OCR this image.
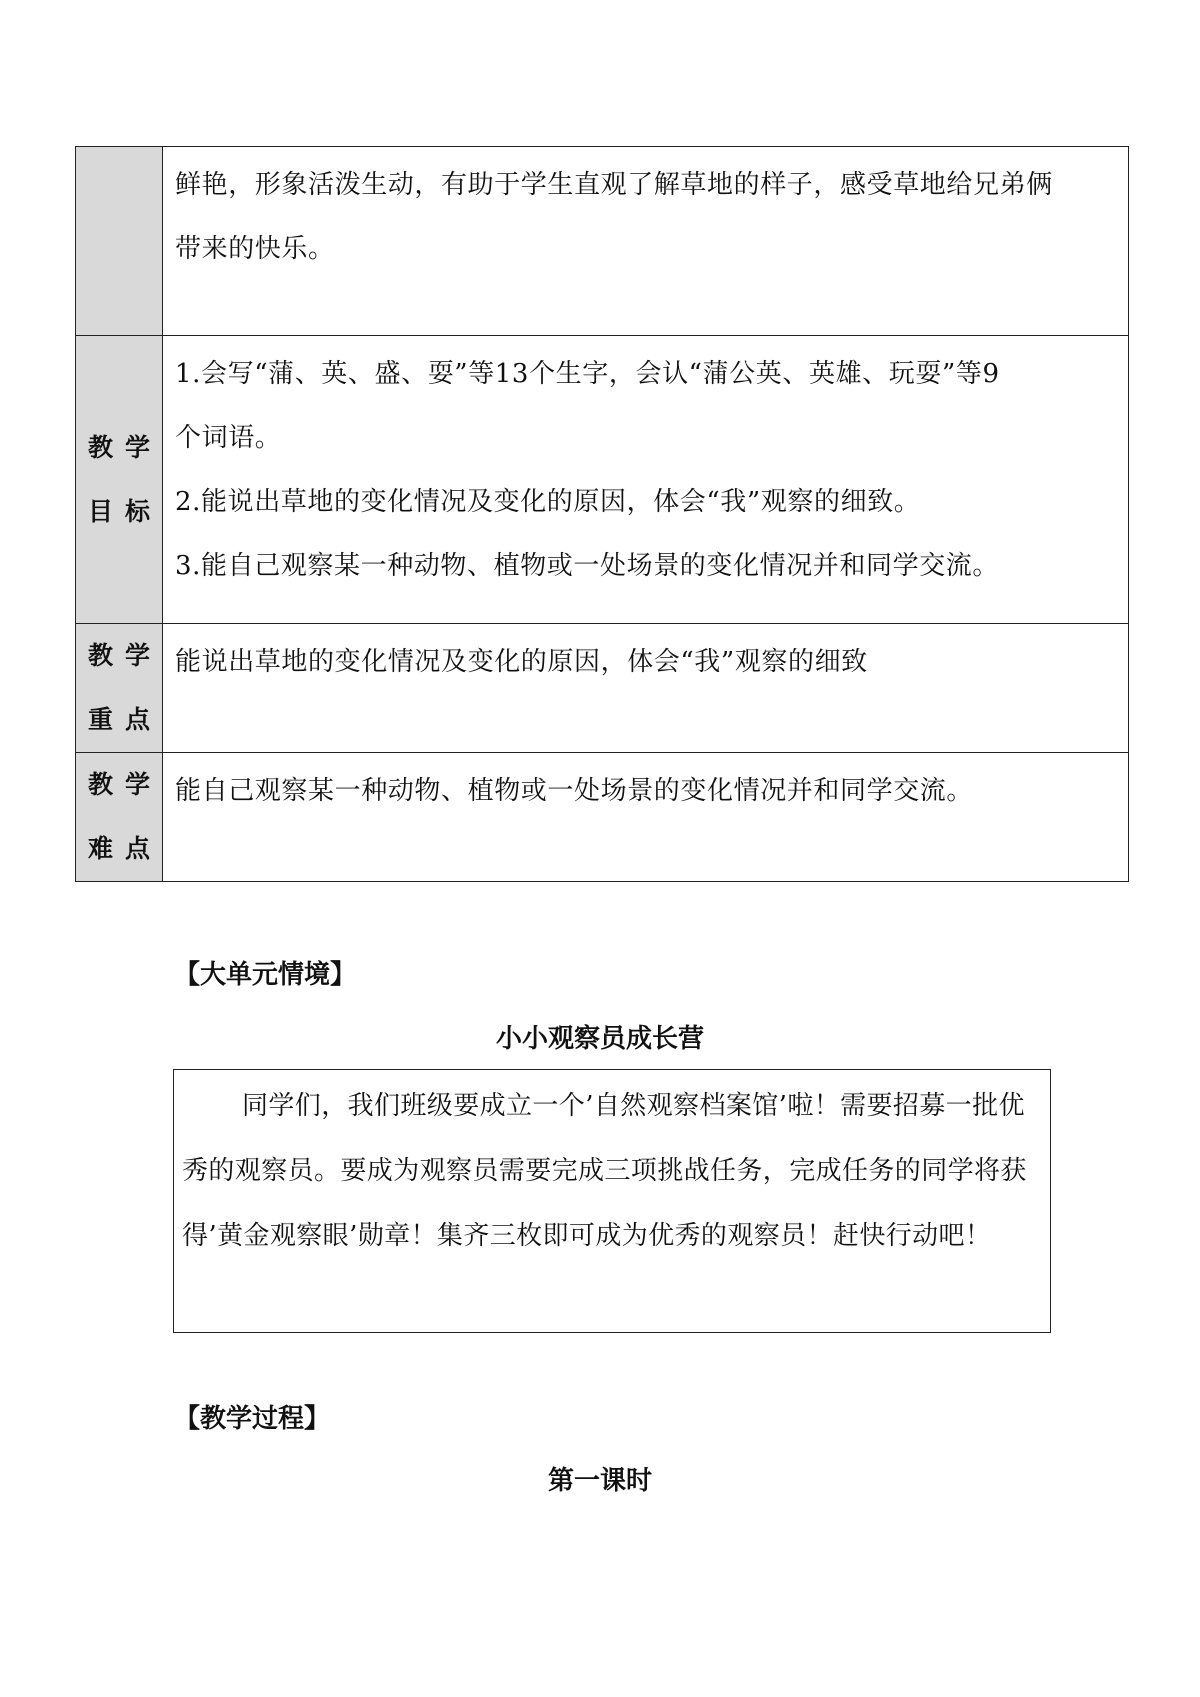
	鲜艳，形象活泼生动，有助于学生直观了解草地的样子，感受草地给兄弟俩
带来的快乐。

教学
目标	1.会写“蒲、英、盛、耍”等13个生字，会认“蒲公英、英雄、玩耍”等9
个词语。
2.能说出草地的变化情况及变化的原因，体会“我”观察的细致。
3.能自己观察某一种动物、植物或一处场景的变化情况并和同学交流。

教学
重点	能说出草地的变化情况及变化的原因，体会“我”观察的细致

教学
难点	能自己观察某一种动物、植物或一处场景的变化情况并和同学交流。
【大单元情境】
小小观察员成长营

同学们，我们班级要成立一个’自然观察档案馆’啦！需要招募一批优秀的观察员。要成为观察员需要完成三项挑战任务，完成任务的同学将获得’黄金观察眼’勋章！集齐三枚即可成为优秀的观察员！赶快行动吧！

【教学过程】
第一课时
